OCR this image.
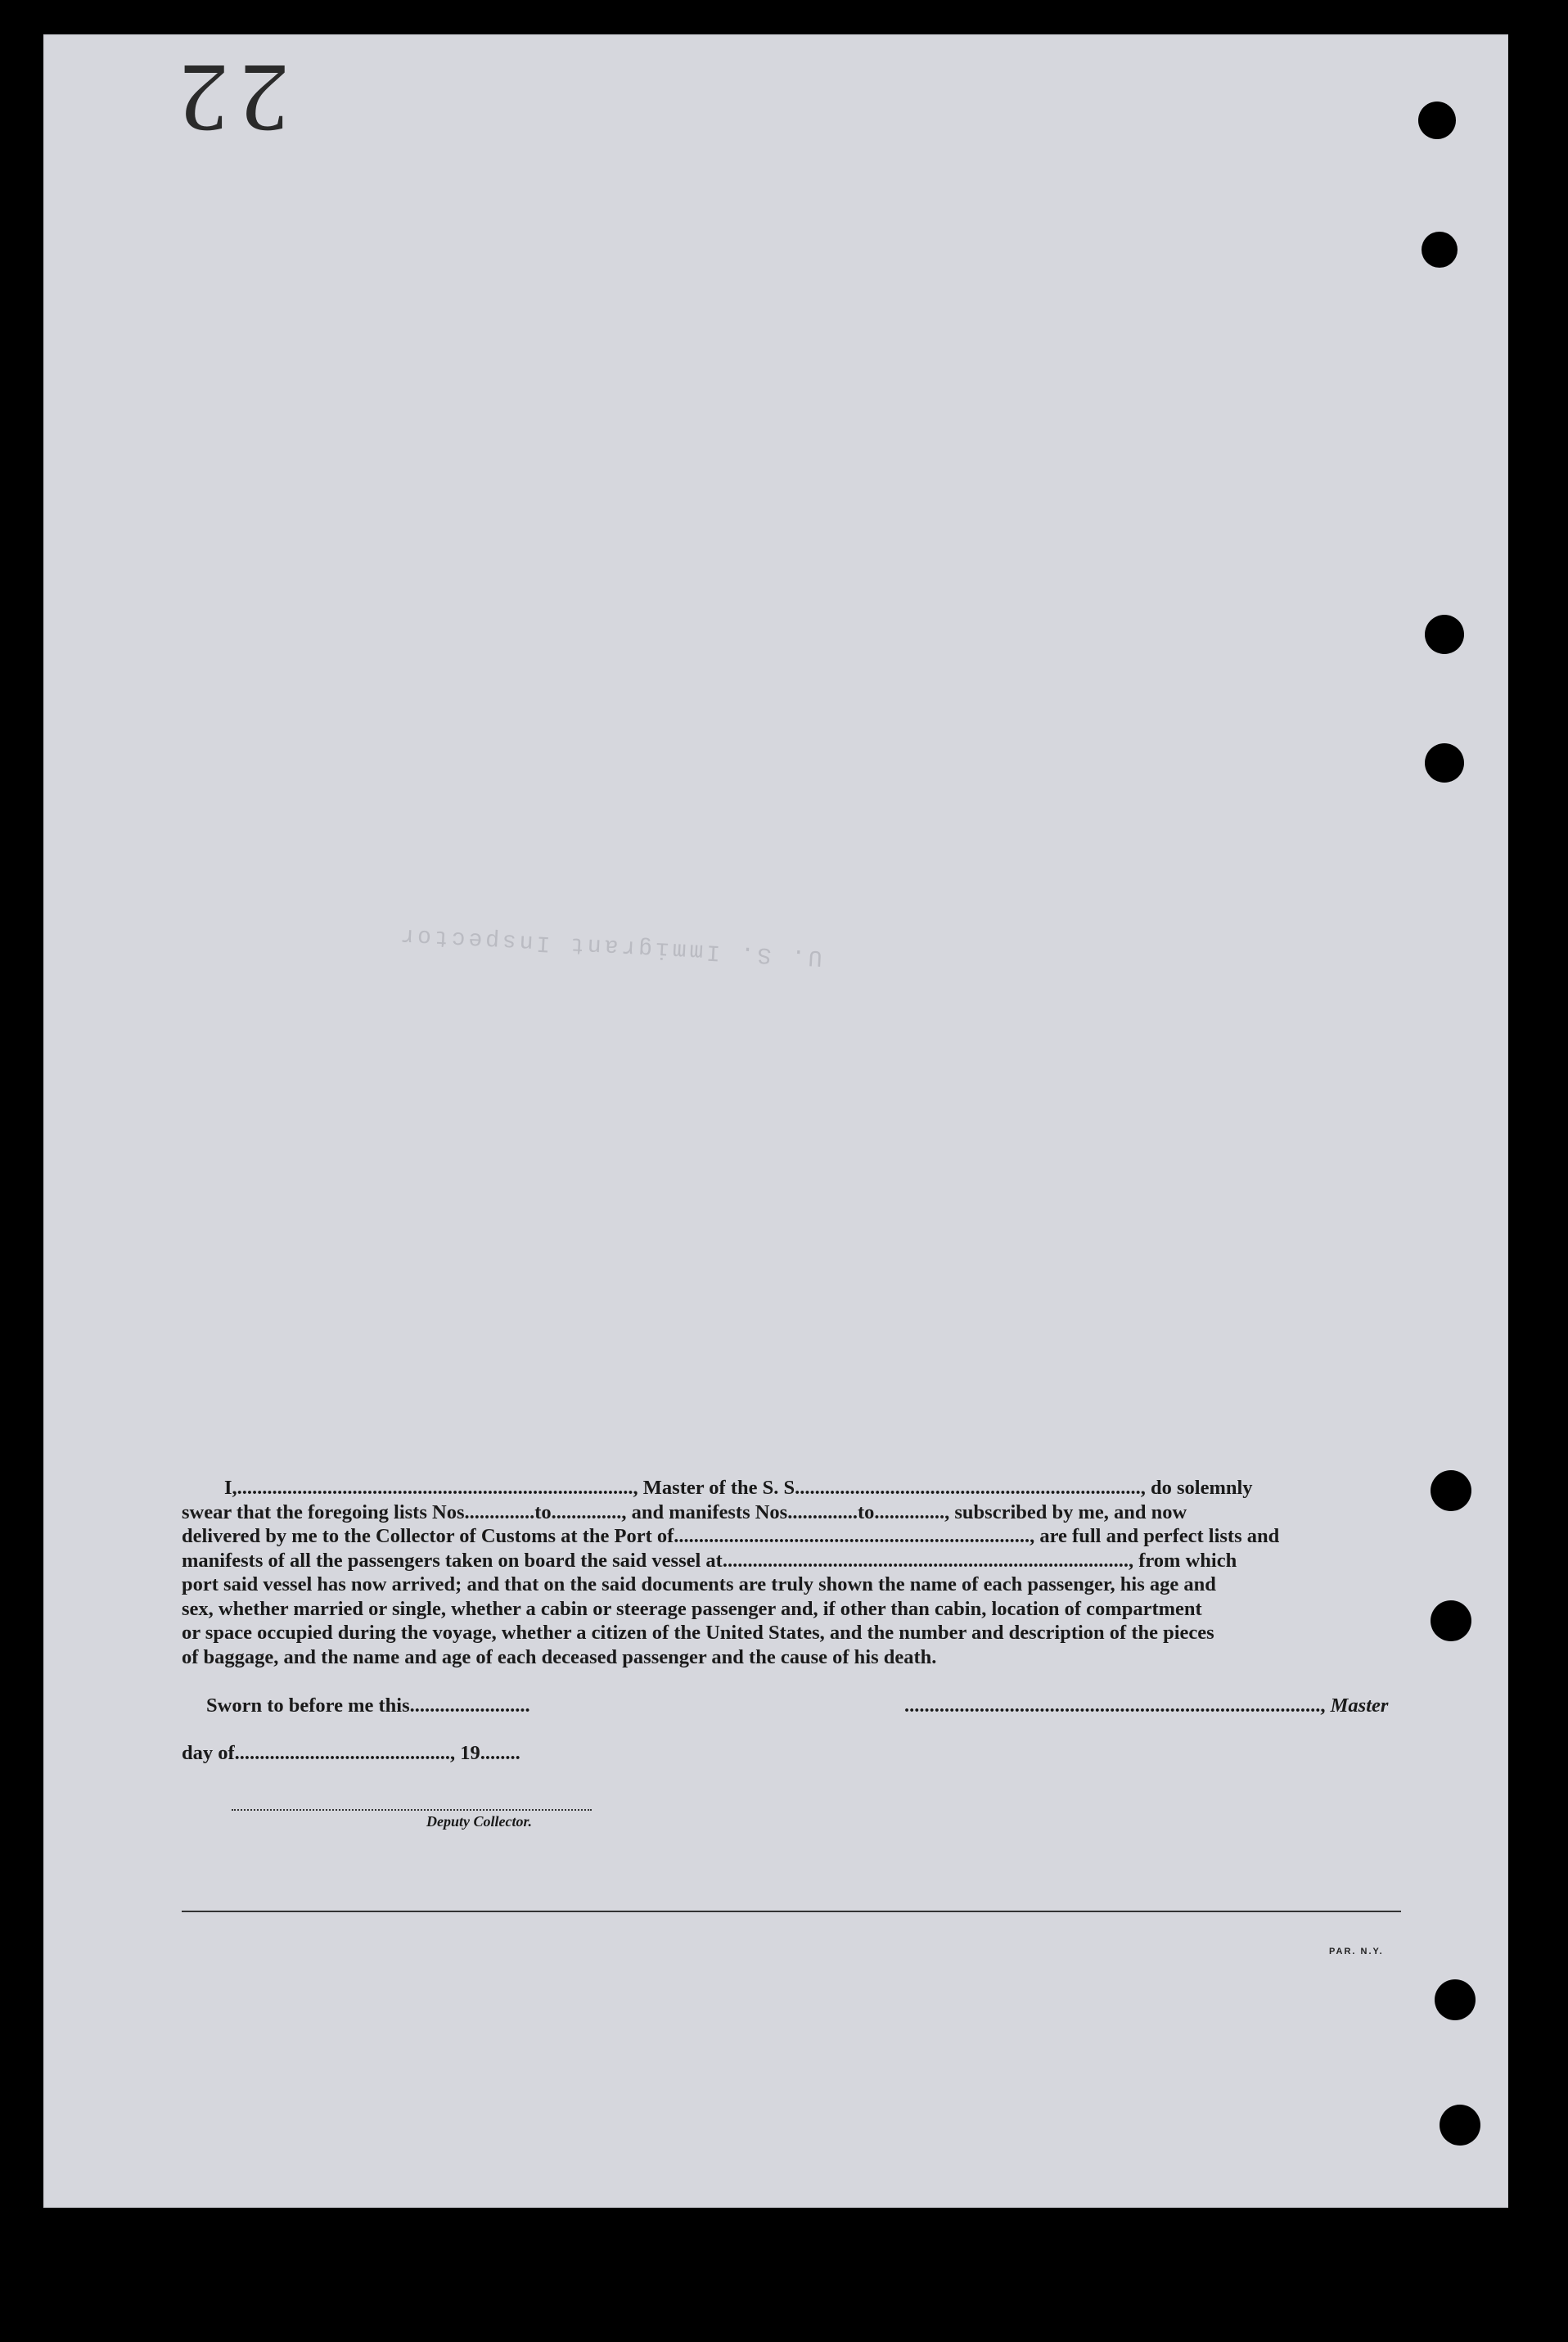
22
U. S. Immigrant Inspector
I,..............................................................................., Master of the S. S....................................................................., do solemnly
swear that the foregoing lists Nos..............to.............., and manifests Nos..............to.............., subscribed by me, and now
delivered by me to the Collector of Customs at the Port of......................................................................., are full and perfect lists and
manifests of all the passengers taken on board the said vessel at................................................................................., from which
port said vessel has now arrived; and that on the said documents are truly shown the name of each passenger, his age and
sex, whether married or single, whether a cabin or steerage passenger and, if other than cabin, location of compartment
or space occupied during the voyage, whether a citizen of the United States, and the number and description of the pieces
of baggage, and the name and age of each deceased passenger and the cause of his death.
Sworn to before me this........................	..................................................................................., Master
day of..........................................., 19........
Deputy Collector.
PAR. N.Y.
